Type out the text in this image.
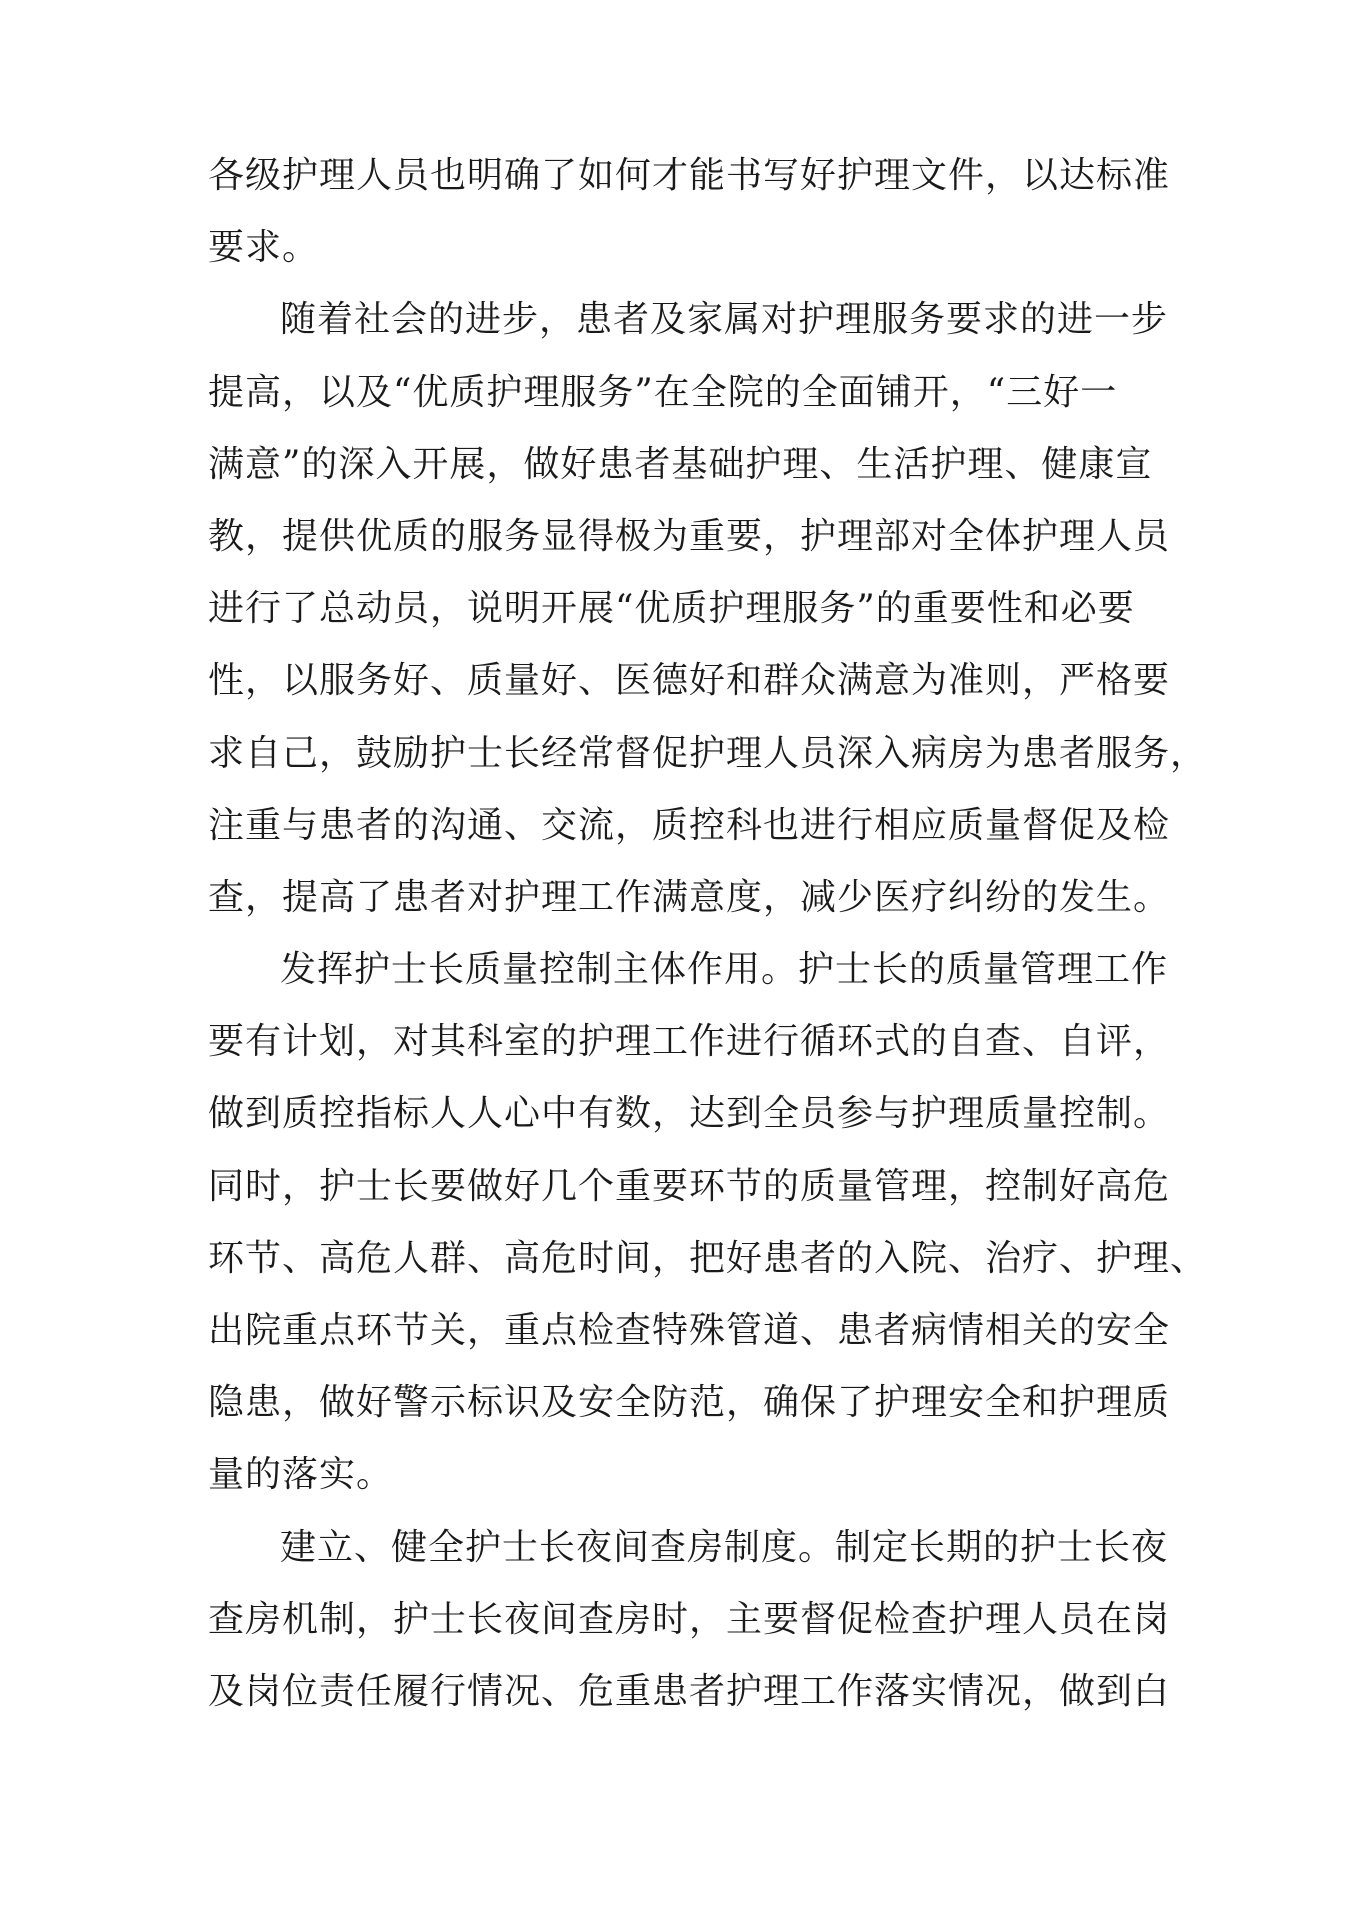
各级护理人员也明确了如何才能书写好护理文件，以达标准
要求。
随着社会的进步，患者及家属对护理服务要求的进一步
提高，以及“优质护理服务”在全院的全面铺开，“三好一
满意”的深入开展，做好患者基础护理、生活护理、健康宣
教，提供优质的服务显得极为重要，护理部对全体护理人员
进行了总动员，说明开展“优质护理服务”的重要性和必要
性，以服务好、质量好、医德好和群众满意为准则，严格要
求自己，鼓励护士长经常督促护理人员深入病房为患者服务，
注重与患者的沟通、交流，质控科也进行相应质量督促及检
查，提高了患者对护理工作满意度，减少医疗纠纷的发生。
发挥护士长质量控制主体作用。护士长的质量管理工作
要有计划，对其科室的护理工作进行循环式的自查、自评，
做到质控指标人人心中有数，达到全员参与护理质量控制。
同时，护士长要做好几个重要环节的质量管理，控制好高危
环节、高危人群、高危时间，把好患者的入院、治疗、护理、
出院重点环节关，重点检查特殊管道、患者病情相关的安全
隐患，做好警示标识及安全防范，确保了护理安全和护理质
量的落实。
建立、健全护士长夜间查房制度。制定长期的护士长夜
查房机制，护士长夜间查房时，主要督促检查护理人员在岗
及岗位责任履行情况、危重患者护理工作落实情况，做到白
